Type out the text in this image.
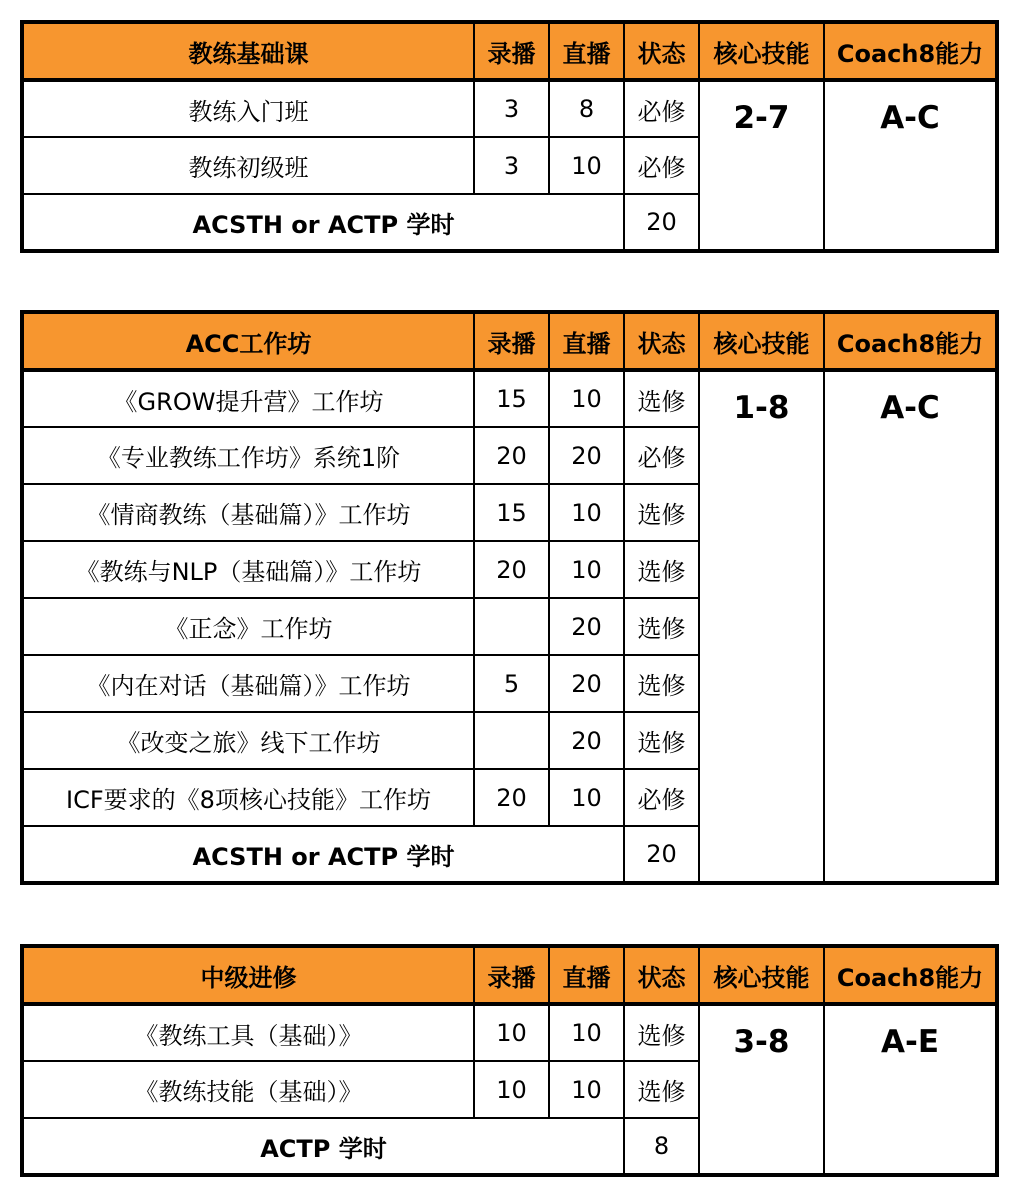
教练基础课	录播	直播	状态	核心技能	Coach8能力
教练入门班	3	8	必修	2-7	A-C
教练初级班	3	10	必修		
ACSTH or ACTP 学时			20		
ACC工作坊	录播	直播	状态	核心技能	Coach8能力
《GROW提升营》工作坊	15	10	选修	1-8	A-C
《专业教练工作坊》系统1阶	20	20	必修		
《情商教练（基础篇）》工作坊	15	10	选修		
《教练与NLP（基础篇）》工作坊	20	10	选修		
《正念》工作坊		20	选修		
《内在对话（基础篇）》工作坊	5	20	选修		
《改变之旅》线下工作坊		20	选修		
ICF要求的《8项核心技能》工作坊	20	10	必修		
ACSTH or ACTP 学时			20		
中级进修	录播	直播	状态	核心技能	Coach8能力
《教练工具（基础）》	10	10	选修	3-8	A-E
《教练技能（基础）》	10	10	选修		
ACTP 学时			8		
